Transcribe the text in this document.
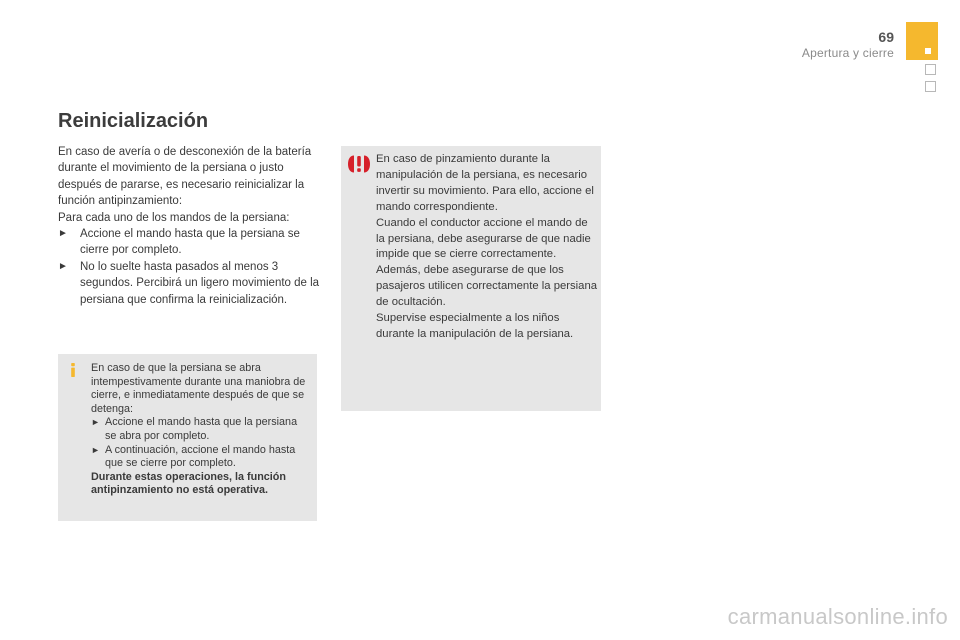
69
Apertura y cierre
Reinicialización

En caso de avería o de desconexión de la batería durante el movimiento de la persiana o justo después de pararse, es necesario reinicializar la función antipinzamiento:

Para cada uno de los mandos de la persiana:

►	Accione el mando hasta que la persiana se cierre por completo.
►	No lo suelte hasta pasados al menos 3 segundos. Percibirá un ligero movimiento de la persiana que confirma la reinicialización.

En caso de que la persiana se abra intempestivamente durante una maniobra de cierre, e inmediatamente después de que se detenga:

► Accione el mando hasta que la persiana se abra por completo.
► A continuación, accione el mando hasta que se cierre por completo.

Durante estas operaciones, la función antipinzamiento no está operativa.

En caso de pinzamiento durante la manipulación de la persiana, es necesario invertir su movimiento. Para ello, accione el mando correspondiente.

Cuando el conductor accione el mando de la persiana, debe asegurarse de que nadie impide que se cierre correctamente.

Además, debe asegurarse de que los pasajeros utilicen correctamente la persiana de ocultación.

Supervise especialmente a los niños durante la manipulación de la persiana.

carmanualsonline.info
